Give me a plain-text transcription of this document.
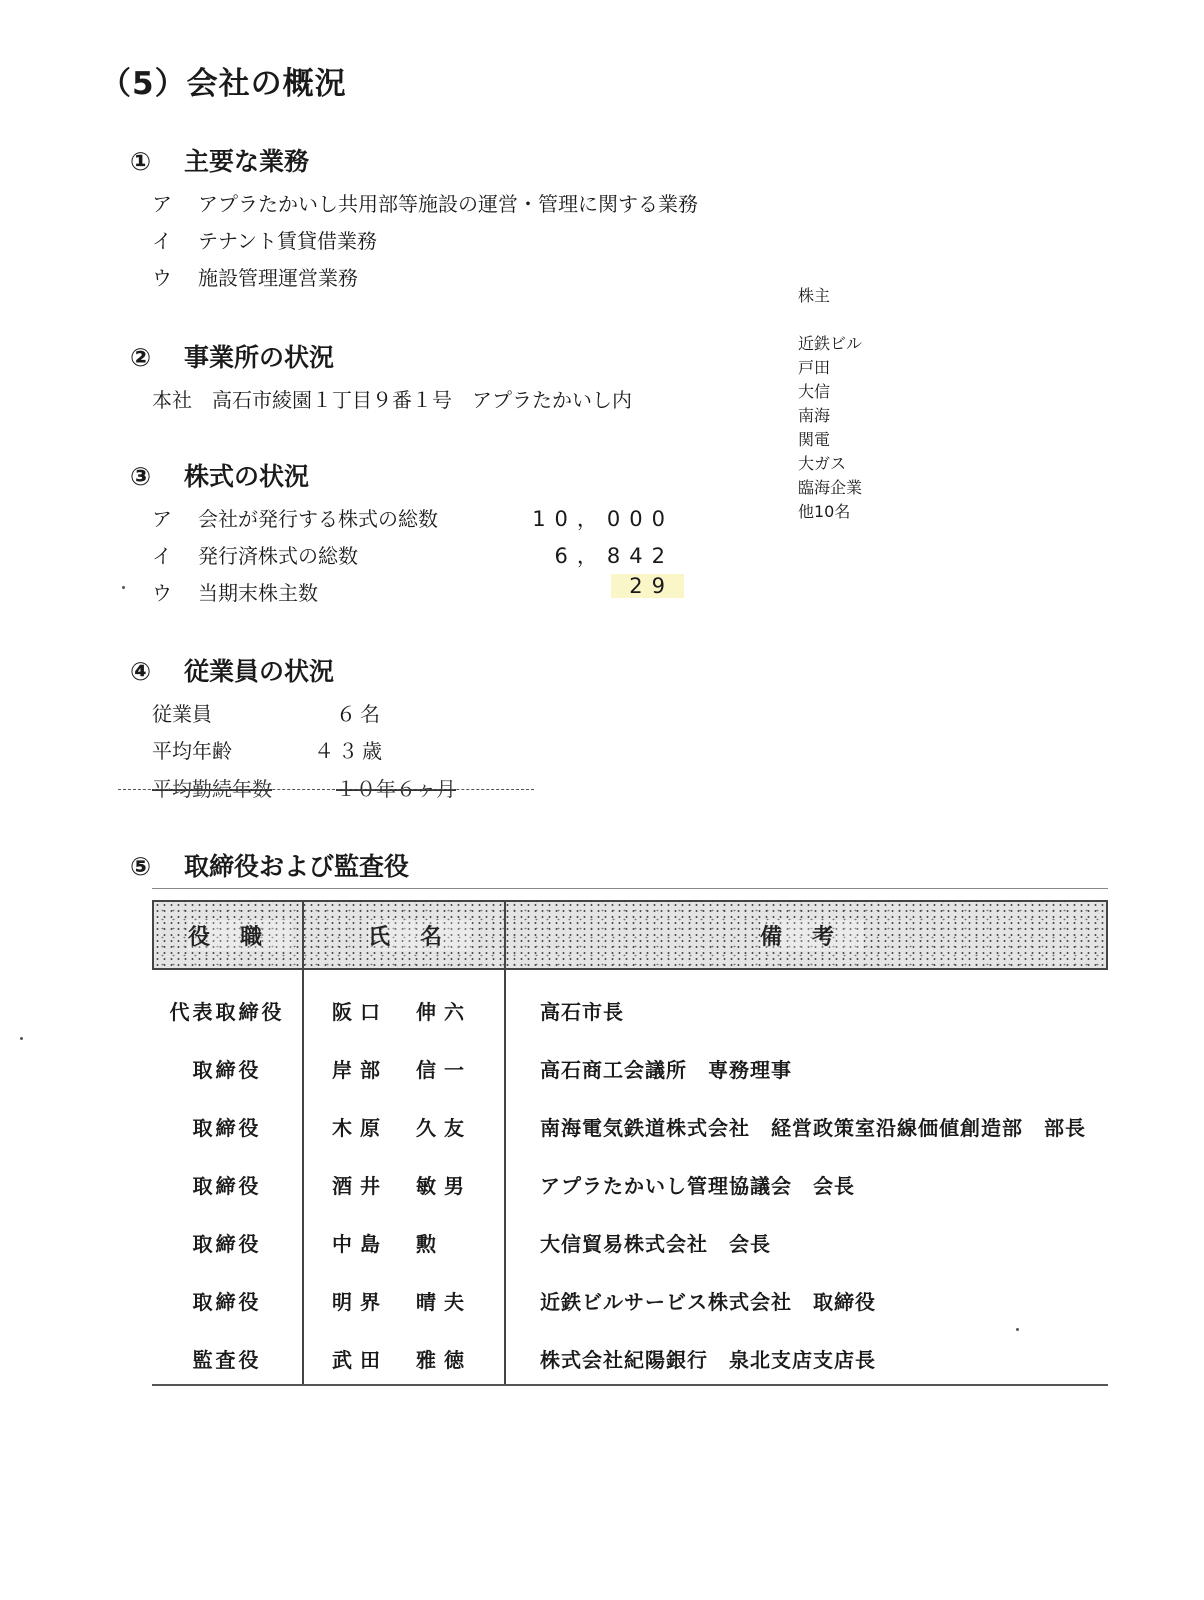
（5）会社の概況
① 主要な業務
ア アプラたかいし共用部等施設の運営・管理に関する業務
イ テナント賃貸借業務
ウ 施設管理運営業務
株主
近鉄ビル
戸田
大信
南海
関電
大ガス
臨海企業
他10名
② 事業所の状況
本社　高石市綾園１丁目９番１号　アプラたかいし内
③ 株式の状況
ア 会社が発行する株式の総数	10，000
イ 発行済株式の総数	6，842
ウ 当期末株主数	29
④ 従業員の状況
従業員	６名
平均年齢	４３歳
平均勤続年数	１０年６ヶ月
⑤ 取締役および監査役
役職	氏名	備考
代表取締役	阪口　伸六	高石市長
取締役	岸部　信一	高石商工会議所　専務理事
取締役	木原　久友	南海電気鉄道株式会社　経営政策室沿線価値創造部　部長
取締役	酒井　敏男	アプラたかいし管理協議会　会長
取締役	中島　勲	大信貿易株式会社　会長
取締役	明界　晴夫	近鉄ビルサービス株式会社　取締役
監査役	武田　雅徳	株式会社紀陽銀行　泉北支店支店長
